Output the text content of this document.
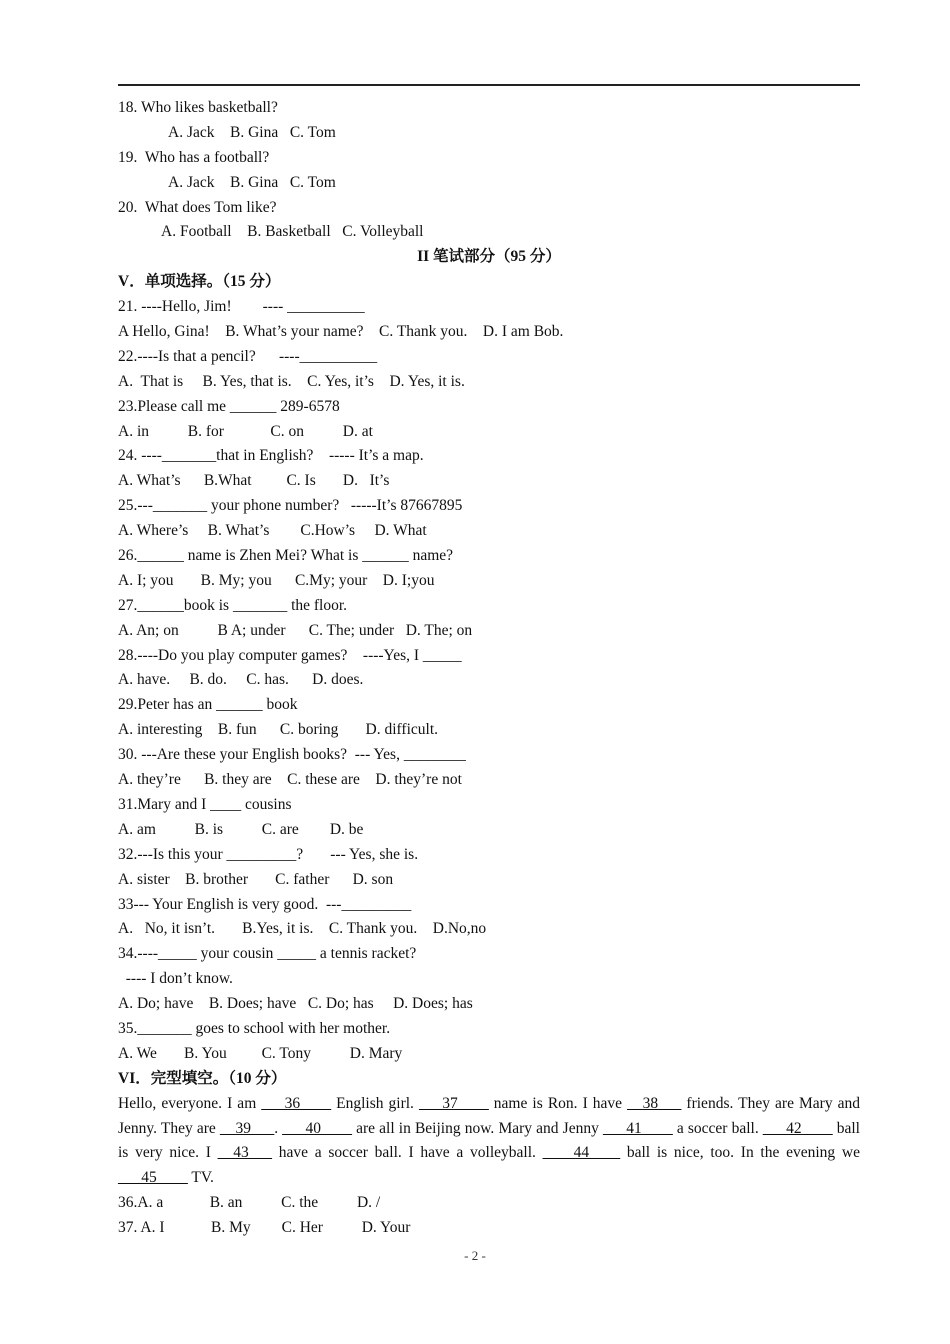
18. Who likes basketball?
A. Jack    B. Gina   C. Tom
19.  Who has a football?
A. Jack    B. Gina   C. Tom
20.  What does Tom like?
A. Football    B. Basketball   C. Volleyball
II 笔试部分（95 分）
V．单项选择。（15 分）
21. ----Hello, Jim!        ---- __________
A Hello, Gina!    B. What’s your name?    C. Thank you.    D. I am Bob.
22.----Is that a pencil?      ----__________
A.  That is     B. Yes, that is.    C. Yes, it’s    D. Yes, it is.
23.Please call me ______ 289-6578
A. in          B. for            C. on          D. at
24. ----_______that in English?    ----- It’s a map.
A. What’s      B.What         C. Is       D.   It’s
25.---_______ your phone number?   -----It’s 87667895
A. Where’s     B. What’s        C.How’s     D. What
26.______ name is Zhen Mei? What is ______ name?
A. I; you       B. My; you      C.My; your    D. I;you
27.______book is _______ the floor.
A. An; on          B A; under      C. The; under   D. The; on
28.----Do you play computer games?    ----Yes, I _____
A. have.     B. do.     C. has.      D. does.
29.Peter has an ______ book
A. interesting    B. fun      C. boring       D. difficult.
30. ---Are these your English books?  --- Yes, ________
A. they’re      B. they are    C. these are    D. they’re not
31.Mary and I ____ cousins
A. am          B. is          C. are        D. be
32.---Is this your _________?       --- Yes, she is.
A. sister    B. brother       C. father      D. son
33--- Your English is very good.  ---_________
A.   No, it isn’t.       B.Yes, it is.    C. Thank you.    D.No,no
34.----_____ your cousin _____ a tennis racket?
---- I don’t know.
A. Do; have    B. Does; have   C. Do; has     D. Does; has
35._______ goes to school with her mother.
A. We       B. You         C. Tony          D. Mary
VI．完型填空。（10 分）
Hello, everyone. I am ___36____ English girl. ___37____ name is Ron. I have __38___ friends. They are Mary and Jenny. They are __39___. ___40____ are all in Beijing now. Mary and Jenny ___41____ a soccer ball. ___42____ ball is very nice. I __43___ have a soccer ball. I have a volleyball. ____44____ ball is nice, too. In the evening we ___45____ TV.
36.A. a            B. an          C. the          D. /
37. A. I            B. My        C. Her          D. Your
- 2 -
